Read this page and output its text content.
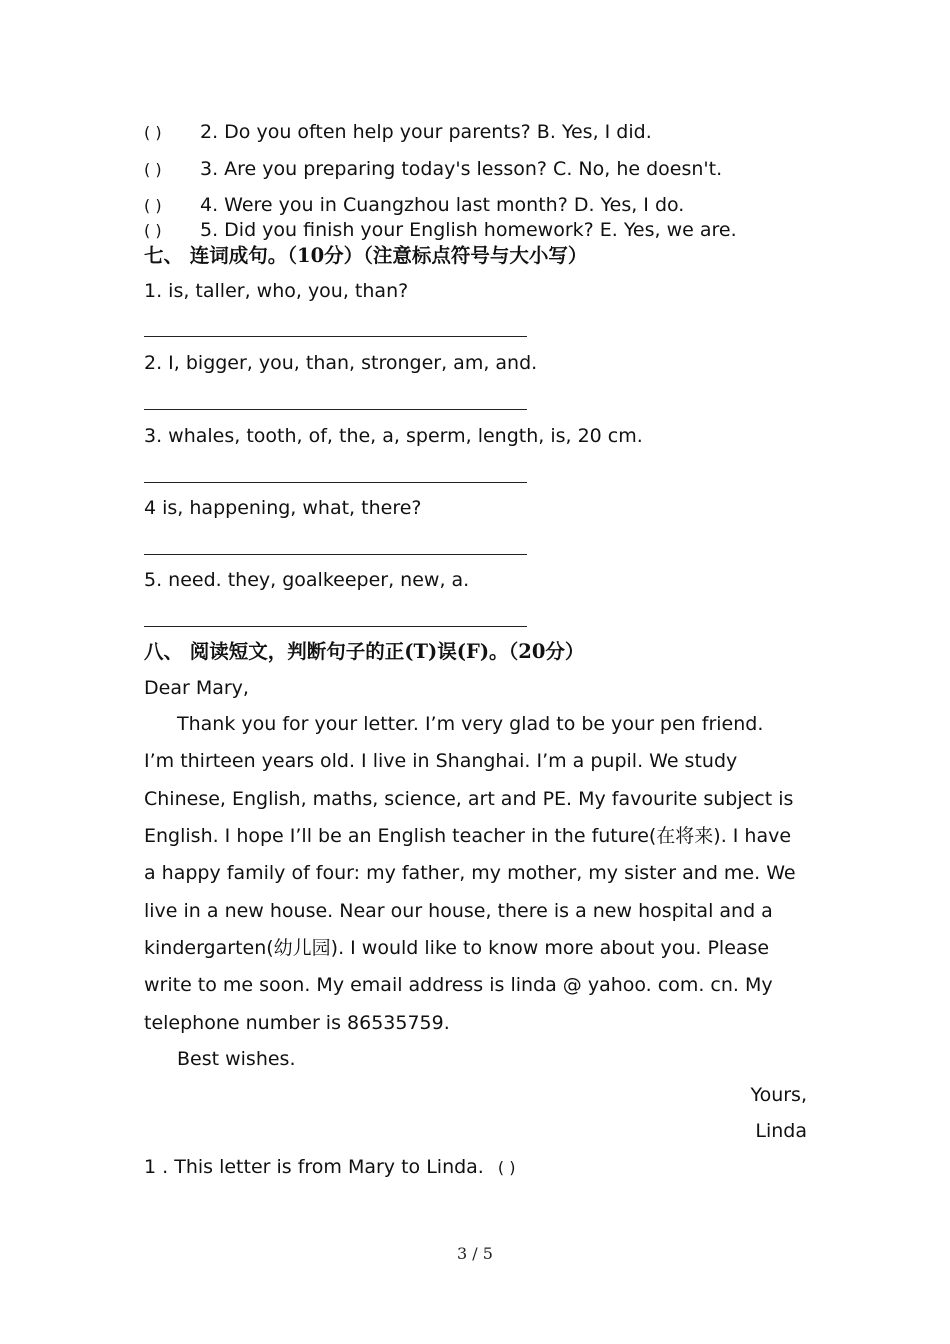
( ) 2. Do you often help your parents? B. Yes, I did.
( ) 3. Are you preparing today's lesson? C. No, he doesn't.
( ) 4. Were you in Cuangzhou last month? D. Yes, I do.
( ) 5. Did you finish your English homework? E. Yes, we are.
七、 连词成句。（10分）（注意标点符号与大小写）
1. is, taller, who, you, than?
2. I, bigger, you, than, stronger, am, and.
3. whales, tooth, of, the, a, sperm, length, is, 20 cm.
4 is, happening, what, there?
5. need. they, goalkeeper, new, a.
八、 阅读短文，判断句子的正(T)误(F)。（20分）
Dear Mary,
Thank you for your letter. I’m very glad to be your pen friend.
I’m thirteen years old. I live in Shanghai. I’m a pupil. We study
Chinese, English, maths, science, art and PE. My favourite subject is
English. I hope I’ll be an English teacher in the future(在将来). I have
a happy family of four: my father, my mother, my sister and me. We
live in a new house. Near our house, there is a new hospital and a
kindergarten(幼儿园). I would like to know more about you. Please
write to me soon. My email address is linda @ yahoo. com. cn. My
telephone number is 86535759.
Best wishes.
Yours,
Linda
1 . This letter is from Mary to Linda. ( )
3 / 5
